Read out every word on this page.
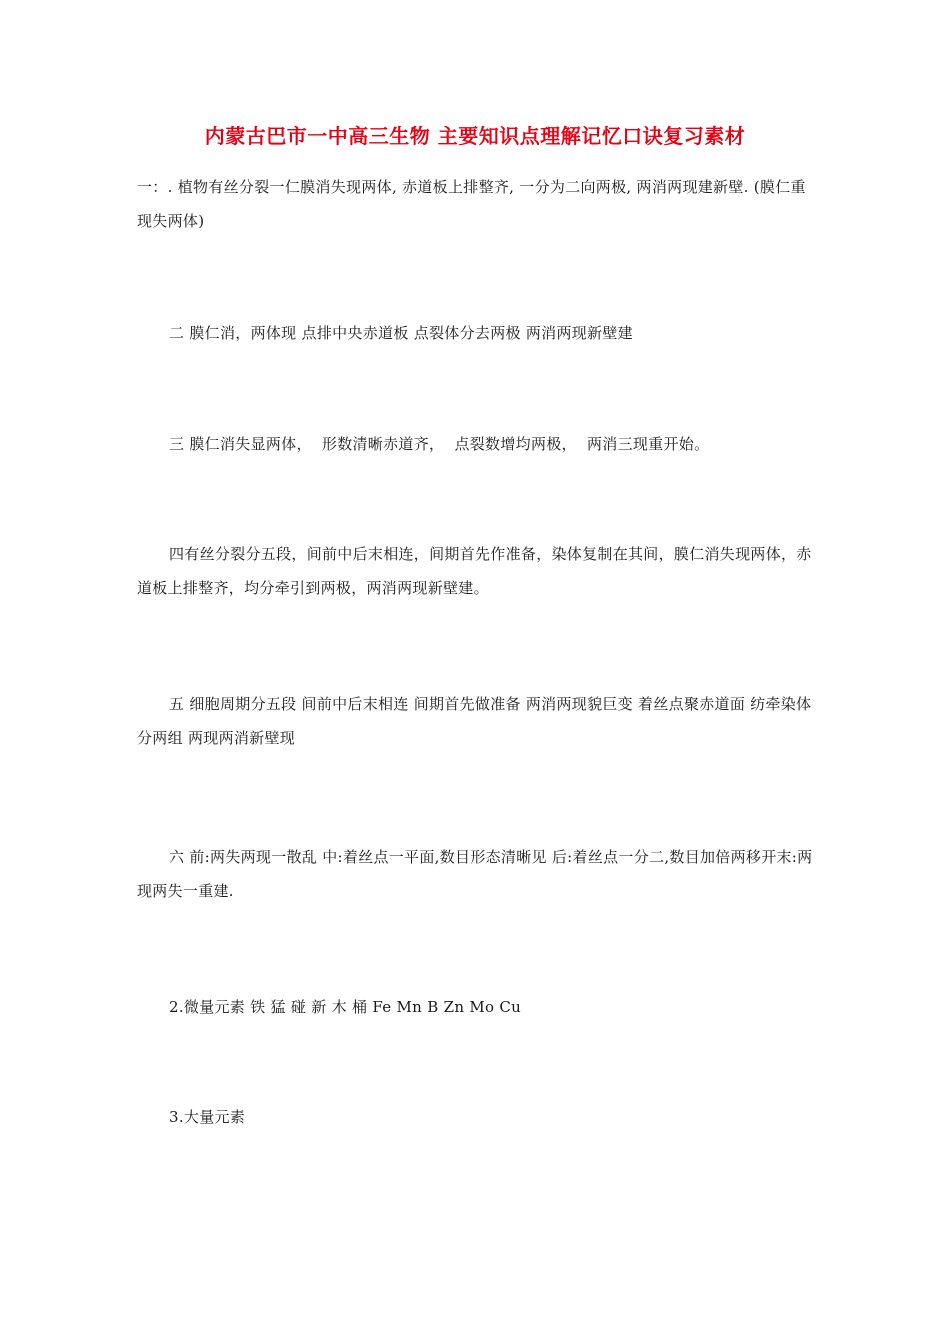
内蒙古巴市一中高三生物 主要知识点理解记忆口诀复习素材
一：. 植物有丝分裂一仁膜消失现两体, 赤道板上排整齐, 一分为二向两极, 两消两现建新壁. (膜仁重现失两体)
二 膜仁消，两体现 点排中央赤道板 点裂体分去两极 两消两现新壁建
三 膜仁消失显两体，  形数清晰赤道齐，  点裂数增均两极，  两消三现重开始。
四有丝分裂分五段，间前中后末相连，间期首先作准备，染体复制在其间，膜仁消失现两体，赤道板上排整齐，均分牵引到两极，两消两现新壁建。
五 细胞周期分五段 间前中后末相连 间期首先做准备 两消两现貌巨变 着丝点聚赤道面 纺牵染体分两组 两现两消新壁现
六 前:两失两现一散乱 中:着丝点一平面,数目形态清晰见 后:着丝点一分二,数目加倍两移开末:两现两失一重建.
2.微量元素 铁 猛 碰 新 木 桶 Fe Mn B Zn Mo Cu
3.大量元素
